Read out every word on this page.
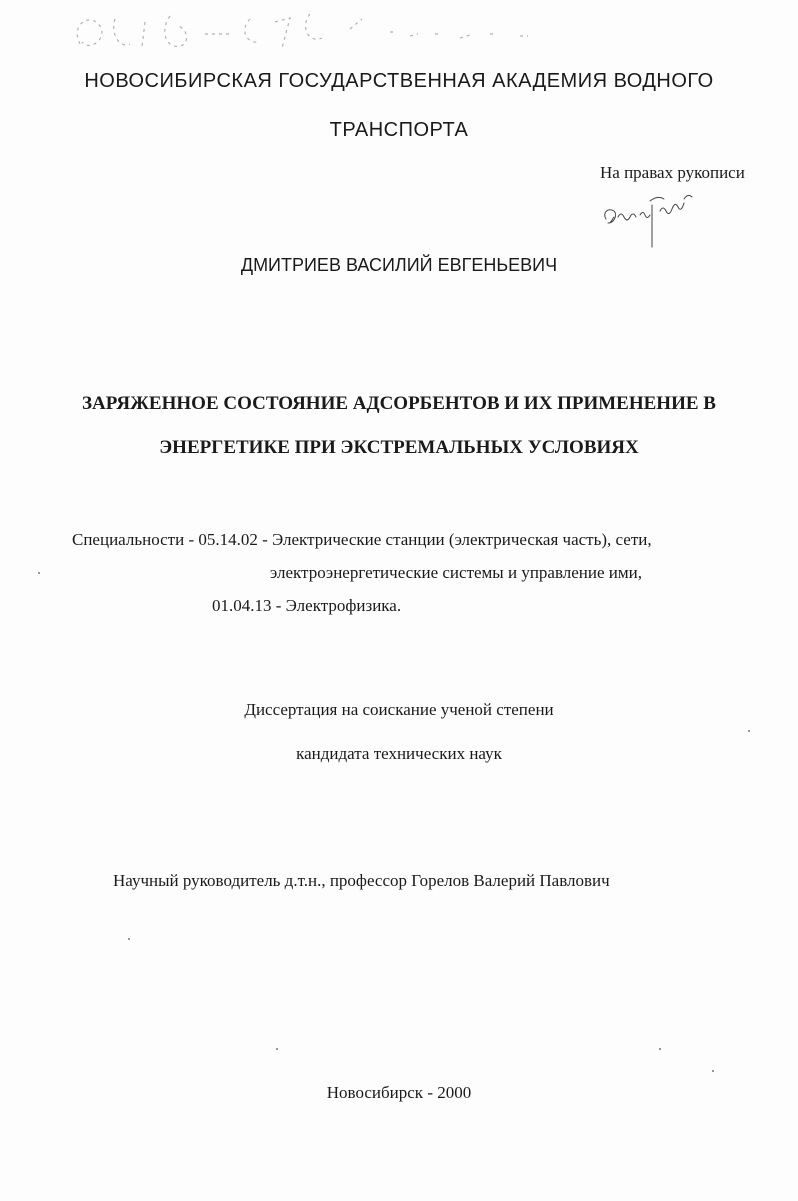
НОВОСИБИРСКАЯ ГОСУДАРСТВЕННАЯ АКАДЕМИЯ ВОДНОГО
ТРАНСПОРТА
На правах рукописи
Дмитриев
ДМИТРИЕВ ВАСИЛИЙ ЕВГЕНЬЕВИЧ
ЗАРЯЖЕННОЕ СОСТОЯНИЕ АДСОРБЕНТОВ И ИХ ПРИМЕНЕНИЕ В
ЭНЕРГЕТИКЕ ПРИ ЭКСТРЕМАЛЬНЫХ УСЛОВИЯХ
Специальности - 05.14.02 - Электрические станции (электрическая часть), сети,
электроэнергетические системы и управление ими,
01.04.13 - Электрофизика.
Диссертация на соискание ученой степени
кандидата технических наук
Научный руководитель д.т.н., профессор Горелов Валерий Павлович
Новосибирск - 2000
